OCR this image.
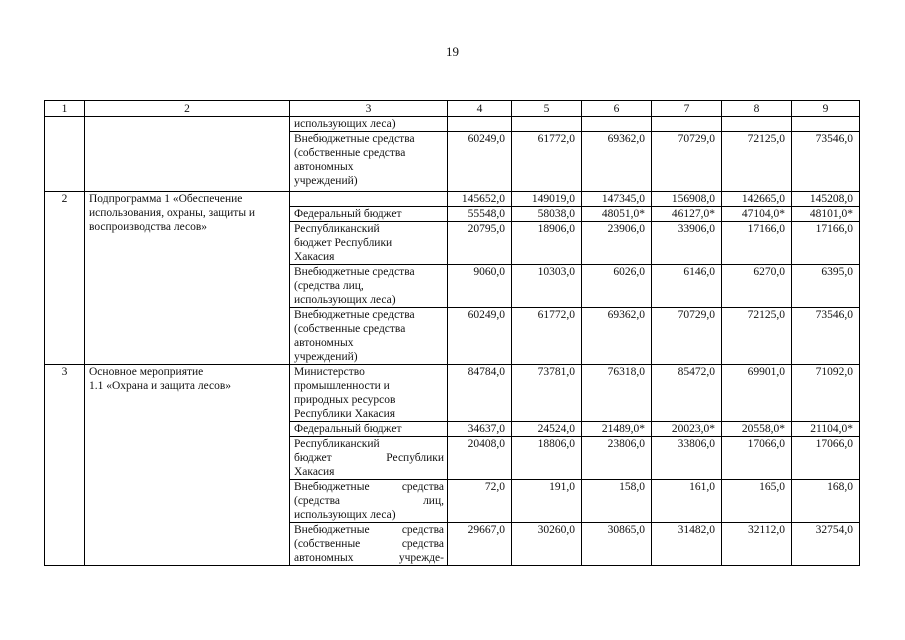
19
1	2	3	4	5	6	7	8	9
		использующих леса)						

		Внебюджетные средства
(собственные средства
автономных
учреждений)	60249,0	61772,0	69362,0	70729,0	72125,0	73546,0
2	Подпрограмма 1 «Обеспечение использования, охраны, защиты и воспроизводства лесов»		145652,0	149019,0	147345,0	156908,0	142665,0	145208,0
		Федеральный бюджет	55548,0	58038,0	48051,0*	46127,0*	47104,0*	48101,0*

		Республиканский
бюджет Республики
Хакасия	20795,0	18906,0	23906,0	33906,0	17166,0	17166,0

		Внебюджетные средства
(средства лиц,
использующих леса)	9060,0	10303,0	6026,0	6146,0	6270,0	6395,0

		Внебюджетные средства
(собственные средства
автономных
учреждений)	60249,0	61772,0	69362,0	70729,0	72125,0	73546,0
3	Основное мероприятие
1.1 «Охрана и защита лесов»	Министерство
промышленности и
природных ресурсов
Республики Хакасия	84784,0	73781,0	76318,0	85472,0	69901,0	71092,0
		Федеральный бюджет	34637,0	24524,0	21489,0*	20023,0*	20558,0*	21104,0*

		Республиканский
бюджет Республики
Хакасия	20408,0	18806,0	23806,0	33806,0	17066,0	17066,0

		Внебюджетные средства
(средства лиц,
использующих леса)	72,0	191,0	158,0	161,0	165,0	168,0

		Внебюджетные средства
(собственные средства
автономных учрежде-	29667,0	30260,0	30865,0	31482,0	32112,0	32754,0
